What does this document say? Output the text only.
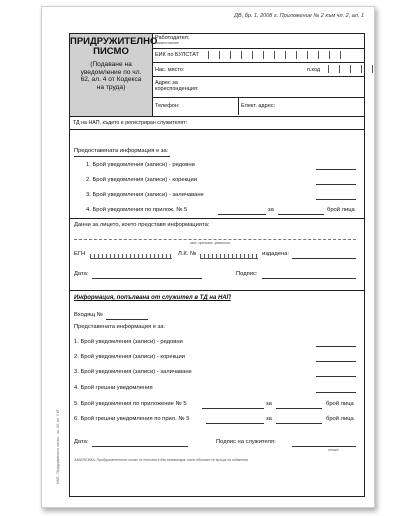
ДВ, бр. 1, 2008 г. Приложение № 2 към чл. 2, ал. 1
НАП - Придружително писмо - чл. 62, ал. 4 КТ
ПРИДРУЖИТЕЛНО
ПИСМО
(Подаване на
уведомление по чл.
62, ал. 4 от Кодекса
на труда)
Работодател:
наименование
ЕИК по БУЛСТАТ
Нас. място:	п.код
Адрес за
кореспонденция:
Телефон:	Елект. адрес:
ТД на НАП, където е регистриран служителят:
Предоставената информация е за:
1. Брой уведомления (записи) - редовни
2. Брой уведомления (записи) - корекции
3. Брой уведомления (записи) - заличаване
4. Брой уведомления по прилож. № 5	за	брой лица
Данни за лицето, което представя информацията:
име, презиме, фамилия
ЕГН	Л.К. №	издадена:
Дата:	Подпис:
Информация, попълвана от служител в ТД на НАП
Входящ №
Представената информация е за:
1. Брой уведомления (записи) - редовни
2. Брой уведомления (записи) - корекции
3. Брой уведомления (записи) - заличаване
4. Брой грешни уведомления
5. Брой уведомления по приложение № 5	за	брой лица
6. Брой грешни уведомления по прил. № 5	за	брой лица
Дата:	Подпис на служителя:
печат
ЗАБЕЛЕЖКА: Придружителното писмо се попълва в два екземпляра, като единият се връща на подателя.
